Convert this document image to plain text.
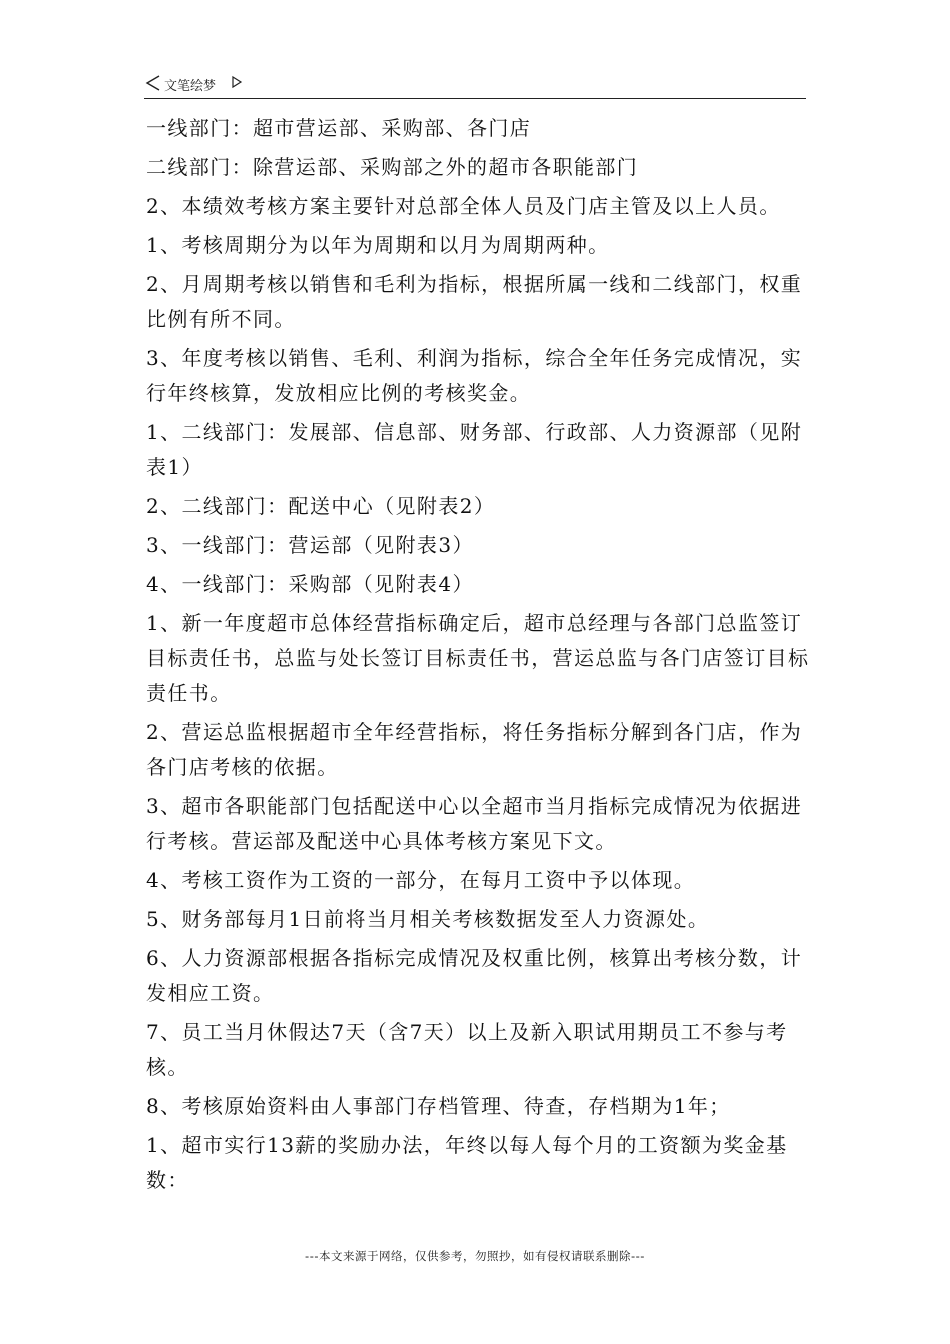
文笔绘梦

一线部门：超市营运部、采购部、各门店

二线部门：除营运部、采购部之外的超市各职能部门

2、本绩效考核方案主要针对总部全体人员及门店主管及以上人员。

1、考核周期分为以年为周期和以月为周期两种。

2、月周期考核以销售和毛利为指标，根据所属一线和二线部门，权重比例有所不同。

3、年度考核以销售、毛利、利润为指标，综合全年任务完成情况，实行年终核算，发放相应比例的考核奖金。

1、二线部门：发展部、信息部、财务部、行政部、人力资源部（见附表1）

2、二线部门：配送中心（见附表2）

3、一线部门：营运部（见附表3）

4、一线部门：采购部（见附表4）

1、新一年度超市总体经营指标确定后，超市总经理与各部门总监签订目标责任书，总监与处长签订目标责任书，营运总监与各门店签订目标责任书。

2、营运总监根据超市全年经营指标，将任务指标分解到各门店，作为各门店考核的依据。

3、超市各职能部门包括配送中心以全超市当月指标完成情况为依据进行考核。营运部及配送中心具体考核方案见下文。

4、考核工资作为工资的一部分，在每月工资中予以体现。

5、财务部每月1日前将当月相关考核数据发至人力资源处。

6、人力资源部根据各指标完成情况及权重比例，核算出考核分数，计发相应工资。

7、员工当月休假达7天（含7天）以上及新入职试用期员工不参与考核。

8、考核原始资料由人事部门存档管理、待查，存档期为1年；

1、超市实行13薪的奖励办法，年终以每人每个月的工资额为奖金基数：

---本文来源于网络，仅供参考，勿照抄，如有侵权请联系删除---
